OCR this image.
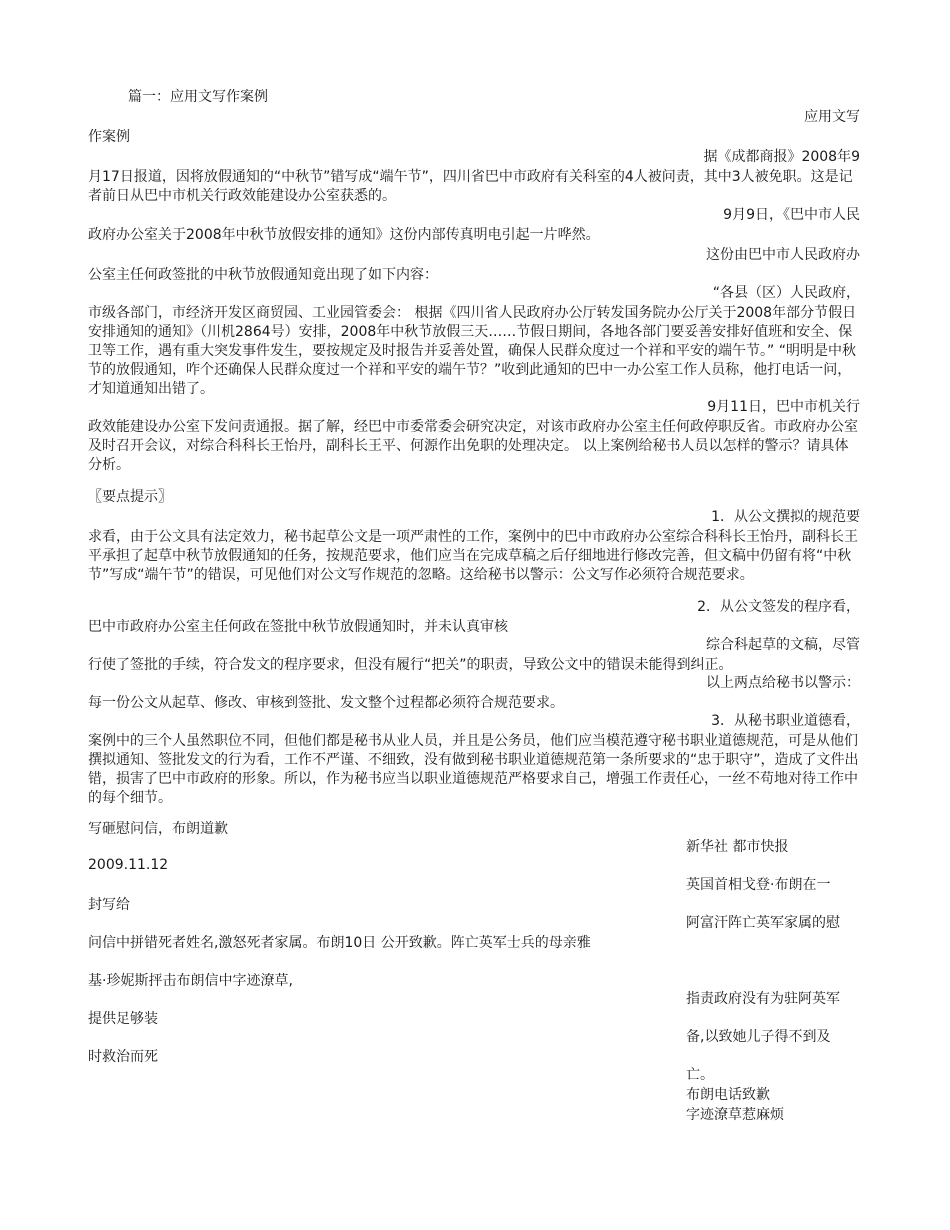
篇一：应用文写作案例
应用文写
作案例
据《成都商报》2008年9
月17日报道，因将放假通知的“中秋节”错写成“端午节”，四川省巴中市政府有关科室的4人被问责，其中3人被免职。这是记者前日从巴中市机关行政效能建设办公室获悉的。
9月9日，《巴中市人民
政府办公室关于2008年中秋节放假安排的通知》这份内部传真明电引起一片哗然。
这份由巴中市人民政府办
公室主任何政签批的中秋节放假通知竟出现了如下内容：
“各县（区）人民政府，
市级各部门，市经济开发区商贸园、工业园管委会： 根据《四川省人民政府办公厅转发国务院办公厅关于2008年部分节假日安排通知的通知》（川机2864号）安排，2008年中秋节放假三天……节假日期间，各地各部门要妥善安排好值班和安全、保卫等工作，遇有重大突发事件发生，要按规定及时报告并妥善处置，确保人民群众度过一个祥和平安的端午节。” “明明是中秋节的放假通知，咋个还确保人民群众度过一个祥和平安的端午节？”收到此通知的巴中一办公室工作人员称，他打电话一问，才知道通知出错了。
9月11日，巴中市机关行
政效能建设办公室下发问责通报。据了解，经巴中市委常委会研究决定，对该市政府办公室主任何政停职反省。市政府办公室及时召开会议，对综合科科长王怡丹，副科长王平、何源作出免职的处理决定。 以上案例给秘书人员以怎样的警示？请具体分析。
〖要点提示〗
1．从公文撰拟的规范要
求看，由于公文具有法定效力，秘书起草公文是一项严肃性的工作，案例中的巴中市政府办公室综合科科长王怡丹，副科长王平承担了起草中秋节放假通知的任务，按规范要求，他们应当在完成草稿之后仔细地进行修改完善，但文稿中仍留有将“中秋节”写成“端午节”的错误，可见他们对公文写作规范的忽略。这给秘书以警示：公文写作必须符合规范要求。
2．从公文签发的程序看，
巴中市政府办公室主任何政在签批中秋节放假通知时，并未认真审核
综合科起草的文稿，尽管
行使了签批的手续，符合发文的程序要求，但没有履行“把关”的职责，导致公文中的错误未能得到纠正。
以上两点给秘书以警示：
每一份公文从起草、修改、审核到签批、发文整个过程都必须符合规范要求。
3．从秘书职业道德看，
案例中的三个人虽然职位不同，但他们都是秘书从业人员，并且是公务员，他们应当模范遵守秘书职业道德规范，可是从他们撰拟通知、签批发文的行为看，工作不严谨、不细致，没有做到秘书职业道德规范第一条所要求的“忠于职守”，造成了文件出错，损害了巴中市政府的形象。所以，作为秘书应当以职业道德规范严格要求自己，增强工作责任心，一丝不苟地对待工作中的每个细节。
写砸慰问信，布朗道歉
新华社 都市快报
2009.11.12
英国首相戈登·布朗在一
封写给
阿富汗阵亡英军家属的慰
问信中拼错死者姓名,激怒死者家属。布朗10日 公开致歉。阵亡英军士兵的母亲雅
基·珍妮斯抨击布朗信中字迹潦草,
指责政府没有为驻阿英军
提供足够装
备,以致她儿子得不到及
时救治而死
亡。
布朗电话致歉
字迹潦草惹麻烦
